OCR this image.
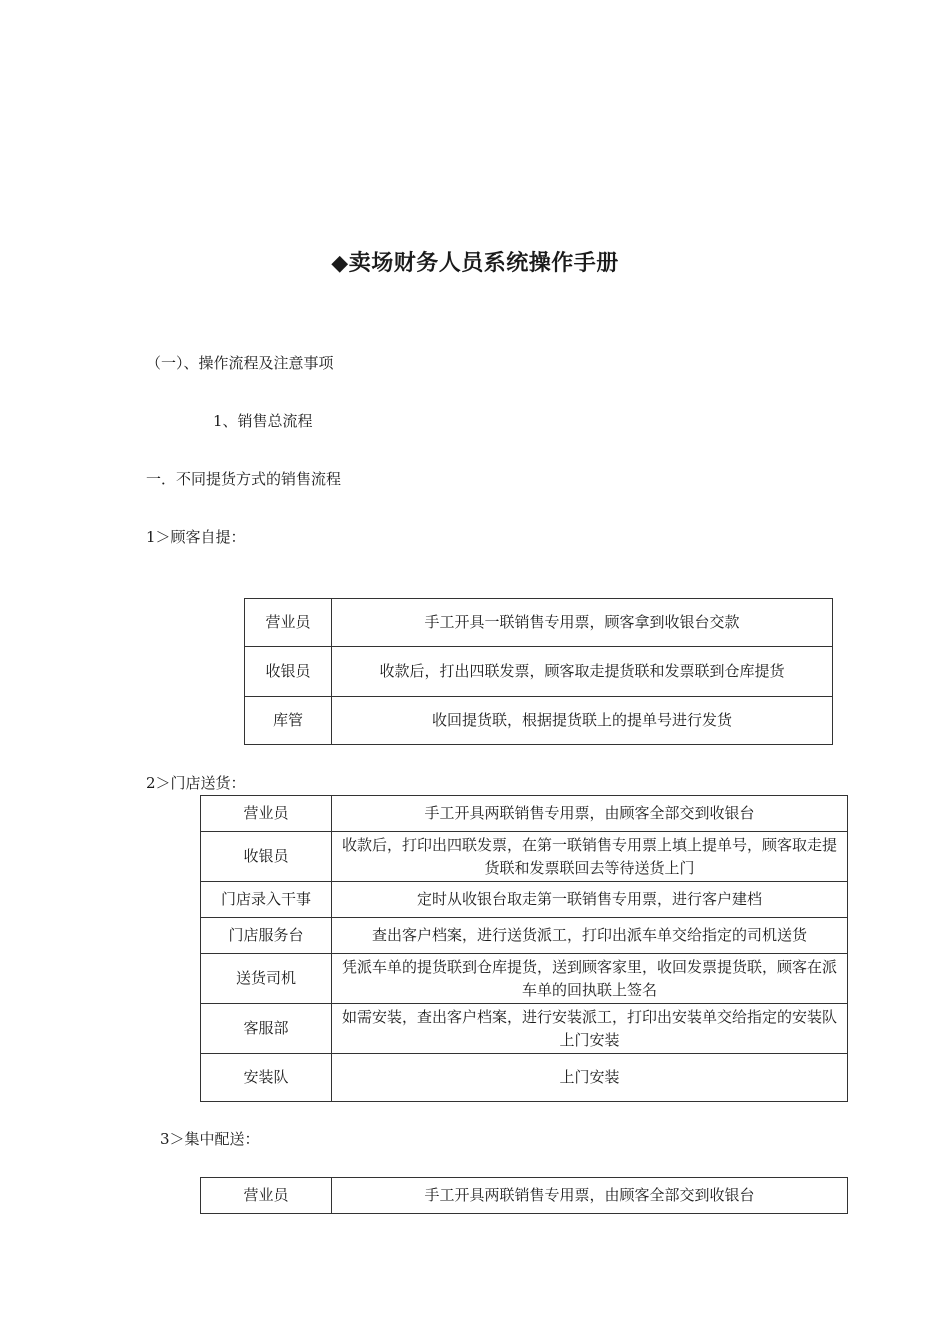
◆卖场财务人员系统操作手册
（一）、操作流程及注意事项
1、销售总流程
一．不同提货方式的销售流程
1＞顾客自提：
营业员	手工开具一联销售专用票，顾客拿到收银台交款
收银员	收款后，打出四联发票，顾客取走提货联和发票联到仓库提货
库管	收回提货联，根据提货联上的提单号进行发货
2＞门店送货：
营业员	手工开具两联销售专用票，由顾客全部交到收银台
收银员	收款后，打印出四联发票，在第一联销售专用票上填上提单号，顾客取走提货联和发票联回去等待送货上门
门店录入干事	定时从收银台取走第一联销售专用票，进行客户建档
门店服务台	查出客户档案，进行送货派工，打印出派车单交给指定的司机送货
送货司机	凭派车单的提货联到仓库提货，送到顾客家里，收回发票提货联，顾客在派车单的回执联上签名
客服部	如需安装，查出客户档案，进行安装派工，打印出安装单交给指定的安装队上门安装
安装队	上门安装
3＞集中配送：
营业员	手工开具两联销售专用票，由顾客全部交到收银台
